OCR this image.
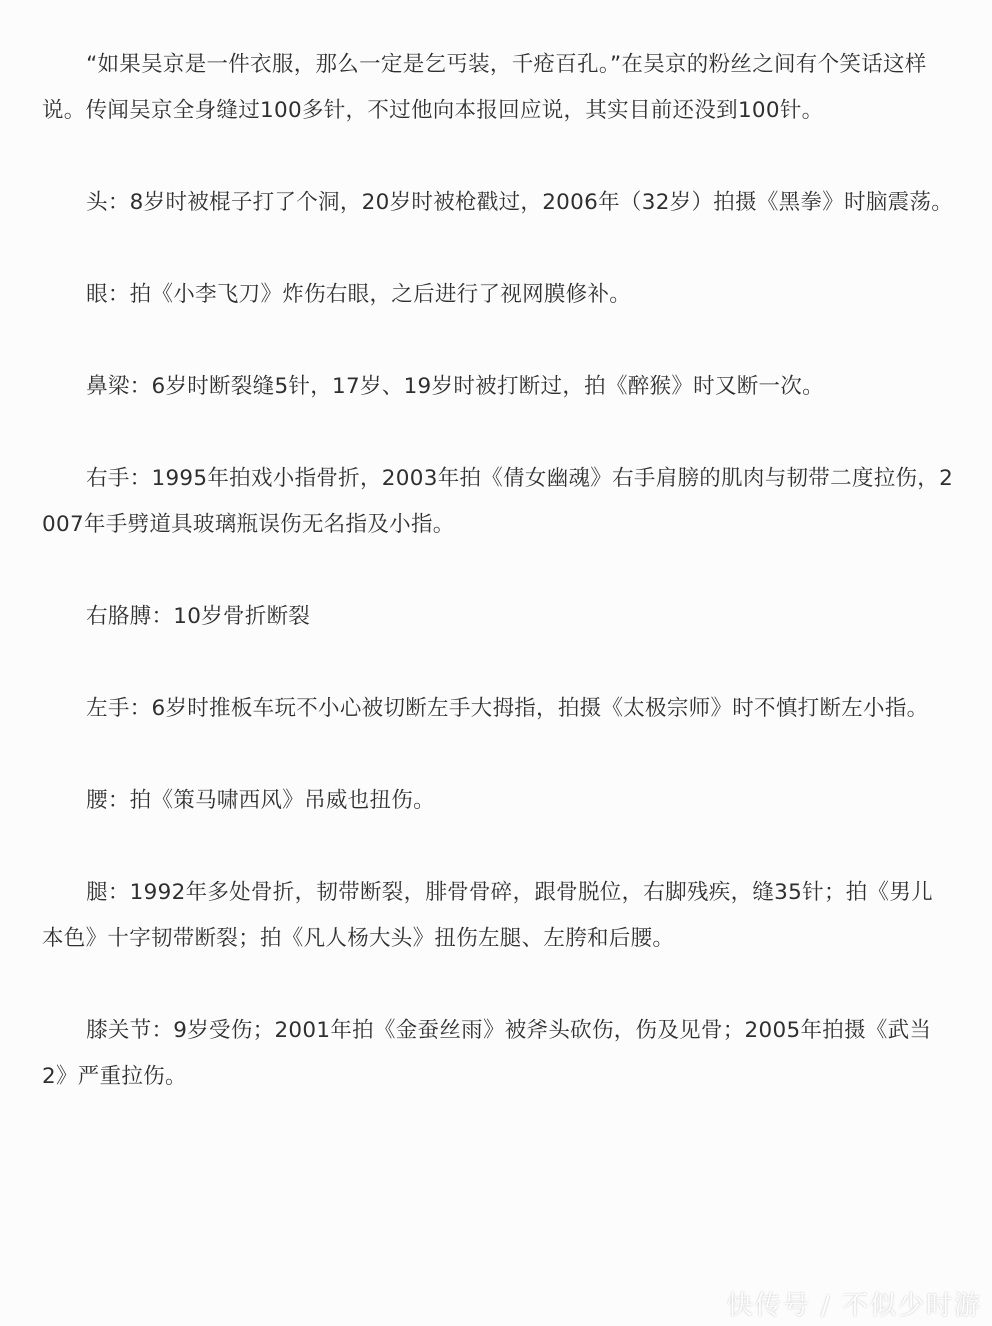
“如果吴京是一件衣服，那么一定是乞丐装，千疮百孔。”在吴京的粉丝之间有个笑话这样说。传闻吴京全身缝过100多针，不过他向本报回应说，其实目前还没到100针。

头：8岁时被棍子打了个洞，20岁时被枪戳过，2006年（32岁）拍摄《黑拳》时脑震荡。

眼：拍《小李飞刀》炸伤右眼，之后进行了视网膜修补。

鼻梁：6岁时断裂缝5针，17岁、19岁时被打断过，拍《醉猴》时又断一次。

右手：1995年拍戏小指骨折，2003年拍《倩女幽魂》右手肩膀的肌肉与韧带二度拉伤，2007年手劈道具玻璃瓶误伤无名指及小指。

右胳膊：10岁骨折断裂

左手：6岁时推板车玩不小心被切断左手大拇指，拍摄《太极宗师》时不慎打断左小指。

腰：拍《策马啸西风》吊威也扭伤。

腿：1992年多处骨折，韧带断裂，腓骨骨碎，跟骨脱位，右脚残疾，缝35针；拍《男儿本色》十字韧带断裂；拍《凡人杨大头》扭伤左腿、左胯和后腰。

膝关节：9岁受伤；2001年拍《金蚕丝雨》被斧头砍伤，伤及见骨；2005年拍摄《武当2》严重拉伤。

快传号 / 不似少时游
